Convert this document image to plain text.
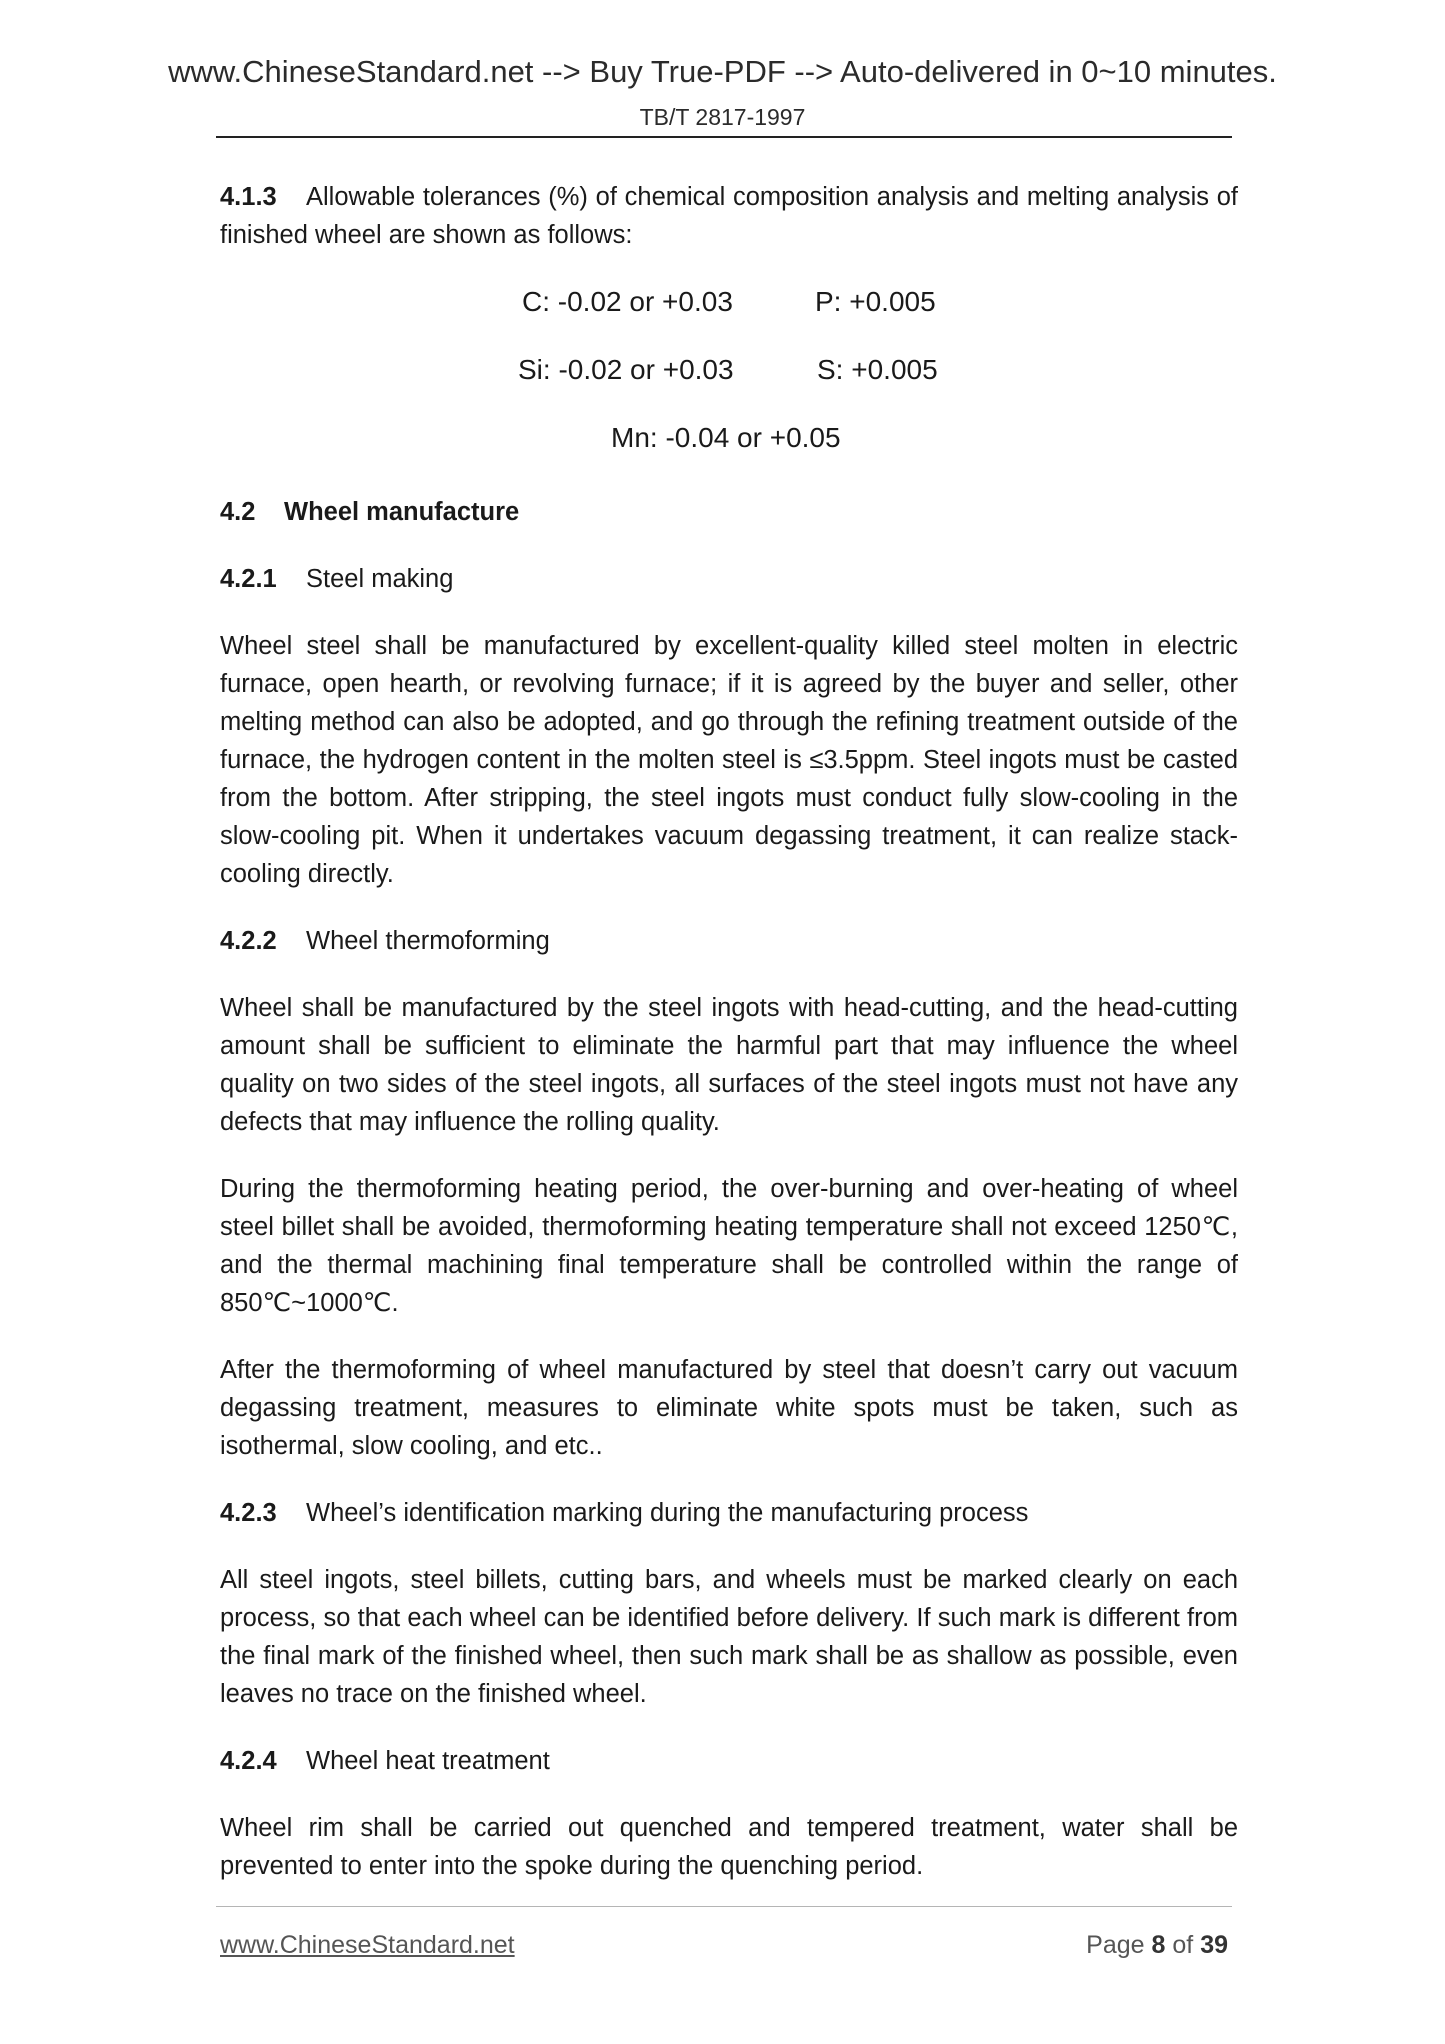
www.ChineseStandard.net --> Buy True-PDF --> Auto-delivered in 0~10 minutes.
TB/T 2817-1997

4.1.3 Allowable tolerances (%) of chemical composition analysis and melting analysis of finished wheel are shown as follows:

C: -0.02 or +0.03	P: +0.005
Si: -0.02 or +0.03	S: +0.005
Mn: -0.04 or +0.05

4.2 Wheel manufacture

4.2.1 Steel making

Wheel steel shall be manufactured by excellent-quality killed steel molten in electric furnace, open hearth, or revolving furnace; if it is agreed by the buyer and seller, other melting method can also be adopted, and go through the refining treatment outside of the furnace, the hydrogen content in the molten steel is ≤3.5ppm. Steel ingots must be casted from the bottom. After stripping, the steel ingots must conduct fully slow-cooling in the slow-cooling pit. When it undertakes vacuum degassing treatment, it can realize stack-cooling directly.

4.2.2 Wheel thermoforming

Wheel shall be manufactured by the steel ingots with head-cutting, and the head-cutting amount shall be sufficient to eliminate the harmful part that may influence the wheel quality on two sides of the steel ingots, all surfaces of the steel ingots must not have any defects that may influence the rolling quality.

During the thermoforming heating period, the over-burning and over-heating of wheel steel billet shall be avoided, thermoforming heating temperature shall not exceed 1250℃, and the thermal machining final temperature shall be controlled within the range of 850℃~1000℃.

After the thermoforming of wheel manufactured by steel that doesn’t carry out vacuum degassing treatment, measures to eliminate white spots must be taken, such as isothermal, slow cooling, and etc..

4.2.3 Wheel’s identification marking during the manufacturing process

All steel ingots, steel billets, cutting bars, and wheels must be marked clearly on each process, so that each wheel can be identified before delivery. If such mark is different from the final mark of the finished wheel, then such mark shall be as shallow as possible, even leaves no trace on the finished wheel.

4.2.4 Wheel heat treatment

Wheel rim shall be carried out quenched and tempered treatment, water shall be prevented to enter into the spoke during the quenching period.

www.ChineseStandard.net	Page 8 of 39
